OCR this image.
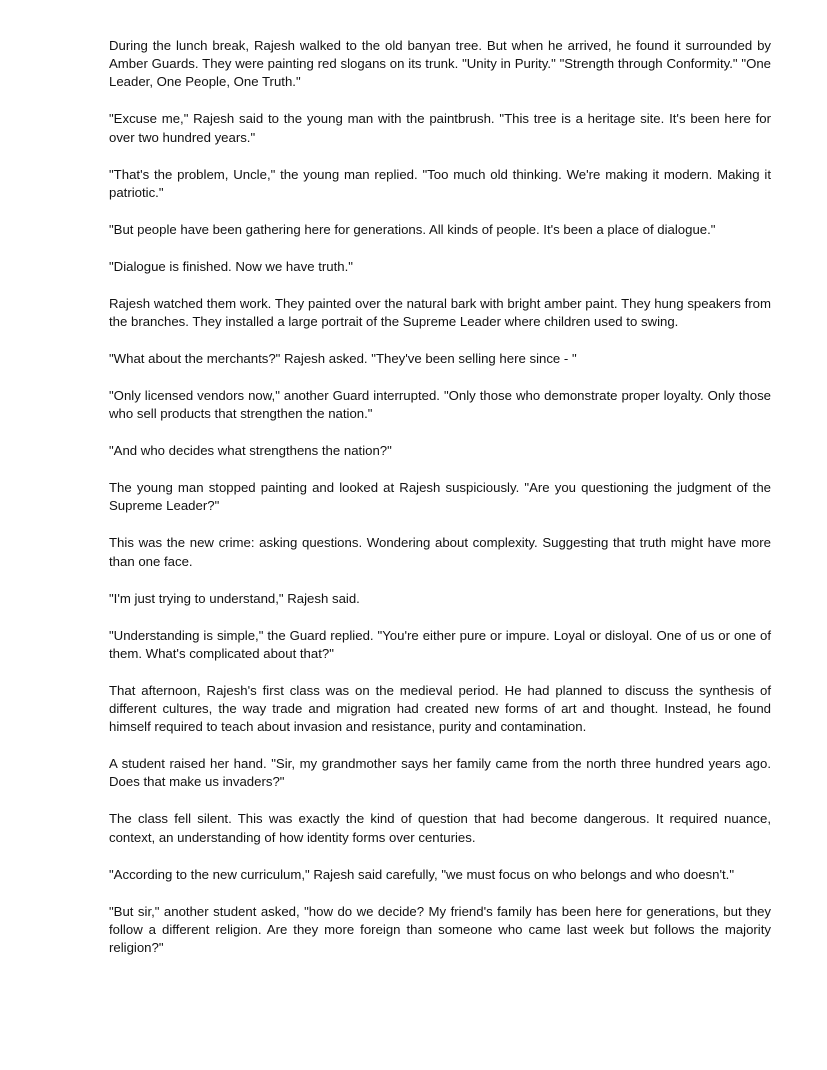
During the lunch break, Rajesh walked to the old banyan tree. But when he arrived, he found it surrounded by Amber Guards. They were painting red slogans on its trunk. "Unity in Purity." "Strength through Conformity." "One Leader, One People, One Truth."

"Excuse me," Rajesh said to the young man with the paintbrush. "This tree is a heritage site. It's been here for over two hundred years."

"That's the problem, Uncle," the young man replied. "Too much old thinking. We're making it modern. Making it patriotic."

"But people have been gathering here for generations. All kinds of people. It's been a place of dialogue."

"Dialogue is finished. Now we have truth."

Rajesh watched them work. They painted over the natural bark with bright amber paint. They hung speakers from the branches. They installed a large portrait of the Supreme Leader where children used to swing.

"What about the merchants?" Rajesh asked. "They've been selling here since - "

"Only licensed vendors now," another Guard interrupted. "Only those who demonstrate proper loyalty. Only those who sell products that strengthen the nation."

"And who decides what strengthens the nation?"

The young man stopped painting and looked at Rajesh suspiciously. "Are you questioning the judgment of the Supreme Leader?"

This was the new crime: asking questions. Wondering about complexity. Suggesting that truth might have more than one face.

"I'm just trying to understand," Rajesh said.

"Understanding is simple," the Guard replied. "You're either pure or impure. Loyal or disloyal. One of us or one of them. What's complicated about that?"

That afternoon, Rajesh's first class was on the medieval period. He had planned to discuss the synthesis of different cultures, the way trade and migration had created new forms of art and thought. Instead, he found himself required to teach about invasion and resistance, purity and contamination.

A student raised her hand. "Sir, my grandmother says her family came from the north three hundred years ago. Does that make us invaders?"

The class fell silent. This was exactly the kind of question that had become dangerous. It required nuance, context, an understanding of how identity forms over centuries.

"According to the new curriculum," Rajesh said carefully, "we must focus on who belongs and who doesn't."

"But sir," another student asked, "how do we decide? My friend's family has been here for generations, but they follow a different religion. Are they more foreign than someone who came last week but follows the majority religion?"
